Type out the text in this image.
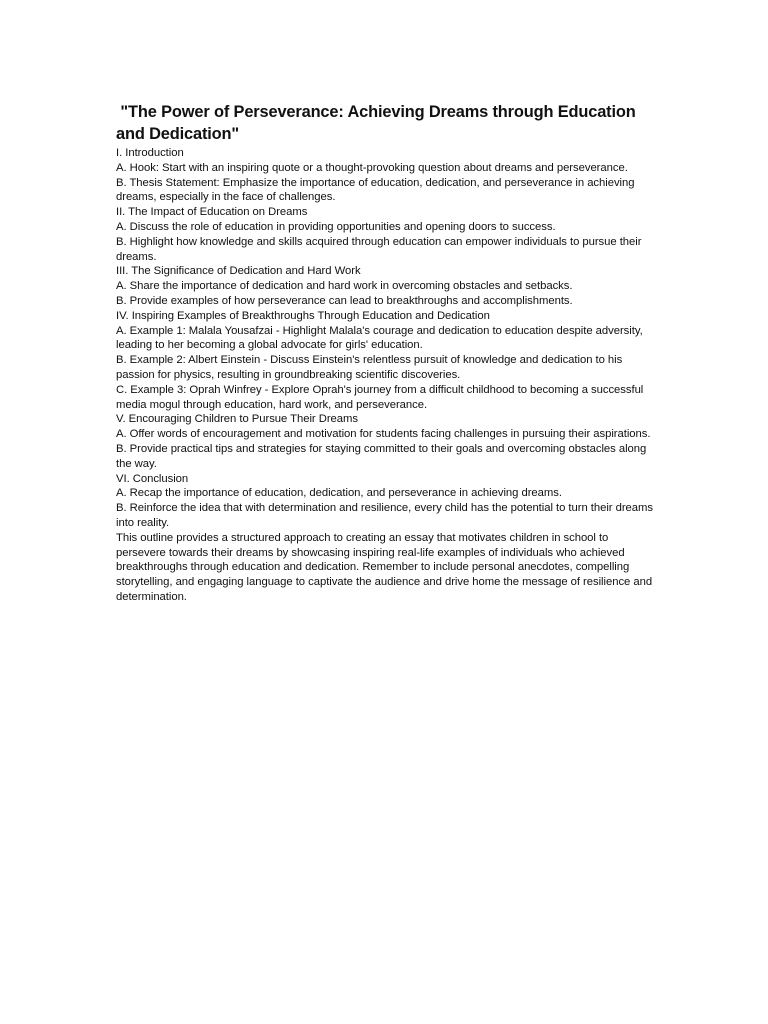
"The Power of Perseverance: Achieving Dreams through Education and Dedication"

I. Introduction

A. Hook: Start with an inspiring quote or a thought-provoking question about dreams and perseverance.

B. Thesis Statement: Emphasize the importance of education, dedication, and perseverance in achieving dreams, especially in the face of challenges.

II. The Impact of Education on Dreams

A. Discuss the role of education in providing opportunities and opening doors to success.

B. Highlight how knowledge and skills acquired through education can empower individuals to pursue their dreams.

III. The Significance of Dedication and Hard Work

A. Share the importance of dedication and hard work in overcoming obstacles and setbacks.

B. Provide examples of how perseverance can lead to breakthroughs and accomplishments.

IV. Inspiring Examples of Breakthroughs Through Education and Dedication

A. Example 1: Malala Yousafzai - Highlight Malala's courage and dedication to education despite adversity, leading to her becoming a global advocate for girls' education.

B. Example 2: Albert Einstein - Discuss Einstein's relentless pursuit of knowledge and dedication to his passion for physics, resulting in groundbreaking scientific discoveries.

C. Example 3: Oprah Winfrey - Explore Oprah's journey from a difficult childhood to becoming a successful media mogul through education, hard work, and perseverance.

V. Encouraging Children to Pursue Their Dreams

A. Offer words of encouragement and motivation for students facing challenges in pursuing their aspirations.

B. Provide practical tips and strategies for staying committed to their goals and overcoming obstacles along the way.

VI. Conclusion

A. Recap the importance of education, dedication, and perseverance in achieving dreams.

B. Reinforce the idea that with determination and resilience, every child has the potential to turn their dreams into reality.

This outline provides a structured approach to creating an essay that motivates children in school to persevere towards their dreams by showcasing inspiring real-life examples of individuals who achieved breakthroughs through education and dedication. Remember to include personal anecdotes, compelling storytelling, and engaging language to captivate the audience and drive home the message of resilience and determination.
